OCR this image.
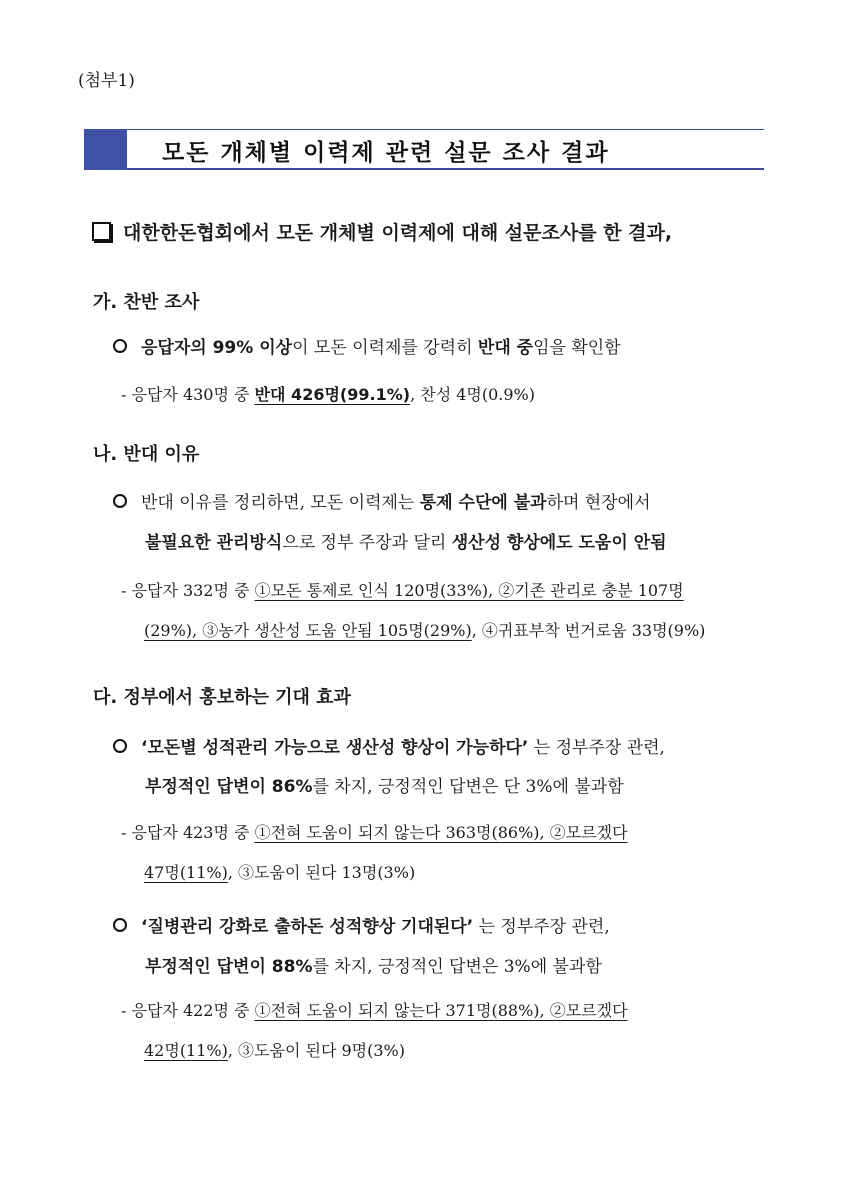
(첨부1)
모돈 개체별 이력제 관련 설문 조사 결과
대한한돈협회에서 모돈 개체별 이력제에 대해 설문조사를 한 결과,
가. 찬반 조사
응답자의 99% 이상이 모돈 이력제를 강력히 반대 중임을 확인함
- 응답자 430명 중 반대 426명(99.1%), 찬성 4명(0.9%)
나. 반대 이유
반대 이유를 정리하면, 모돈 이력제는 통제 수단에 불과하며 현장에서
불필요한 관리방식으로 정부 주장과 달리 생산성 향상에도 도움이 안됨
- 응답자 332명 중 ①모돈 통제로 인식 120명(33%), ②기존 관리로 충분 107명
(29%), ③농가 생산성 도움 안됨 105명(29%), ④귀표부착 번거로움 33명(9%)
다. 정부에서 홍보하는 기대 효과
‘모돈별 성적관리 가능으로 생산성 향상이 가능하다’ 는 정부주장 관련,
부정적인 답변이 86%를 차지, 긍정적인 답변은 단 3%에 불과함
- 응답자 423명 중 ①전혀 도움이 되지 않는다 363명(86%), ②모르겠다
47명(11%), ③도움이 된다 13명(3%)
‘질병관리 강화로 출하돈 성적향상 기대된다’ 는 정부주장 관련,
부정적인 답변이 88%를 차지, 긍정적인 답변은 3%에 불과함
- 응답자 422명 중 ①전혀 도움이 되지 않는다 371명(88%), ②모르겠다
42명(11%), ③도움이 된다 9명(3%)
